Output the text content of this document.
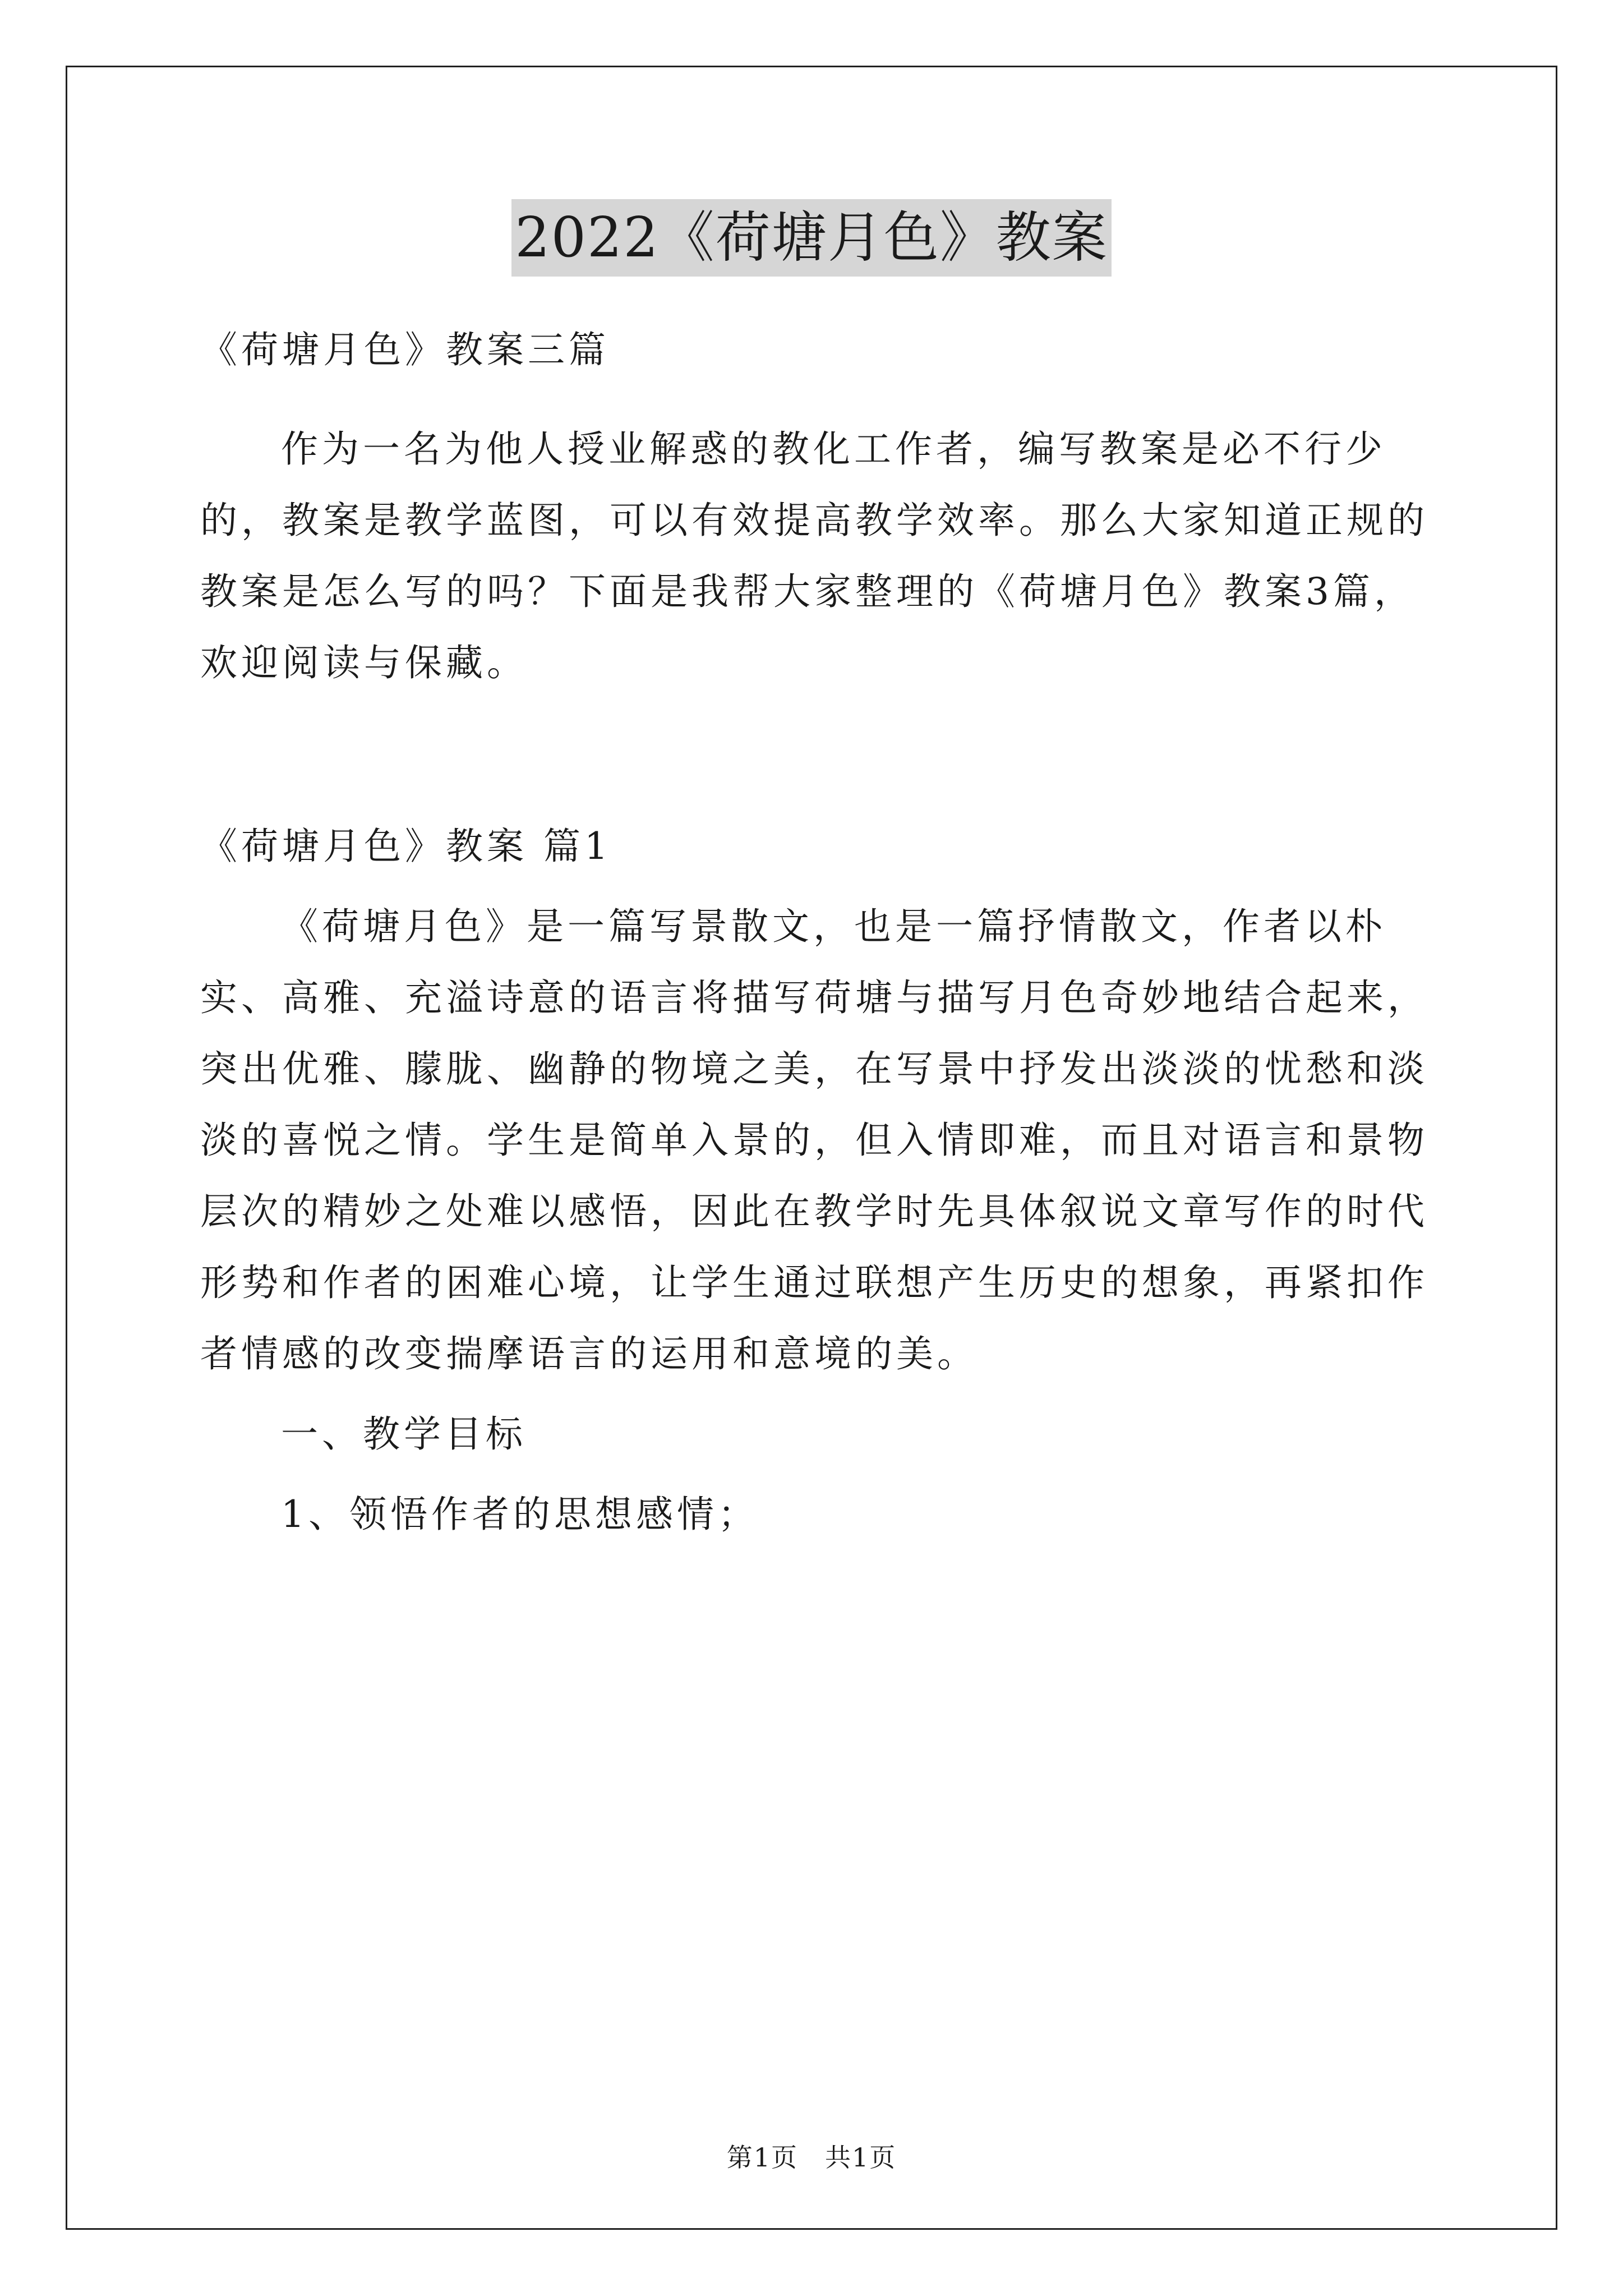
2022《荷塘月色》教案

《荷塘月色》教案三篇

作为一名为他人授业解惑的教化工作者，编写教案是必不行少的，教案是教学蓝图，可以有效提高教学效率。那么大家知道正规的教案是怎么写的吗？下面是我帮大家整理的《荷塘月色》教案3篇，欢迎阅读与保藏。

《荷塘月色》教案 篇1

《荷塘月色》是一篇写景散文，也是一篇抒情散文，作者以朴实、高雅、充溢诗意的语言将描写荷塘与描写月色奇妙地结合起来，突出优雅、朦胧、幽静的物境之美，在写景中抒发出淡淡的忧愁和淡淡的喜悦之情。学生是简单入景的，但入情即难，而且对语言和景物层次的精妙之处难以感悟，因此在教学时先具体叙说文章写作的时代形势和作者的困难心境，让学生通过联想产生历史的想象，再紧扣作者情感的改变揣摩语言的运用和意境的美。

一、教学目标

1、领悟作者的思想感情；

第1页　共1页
